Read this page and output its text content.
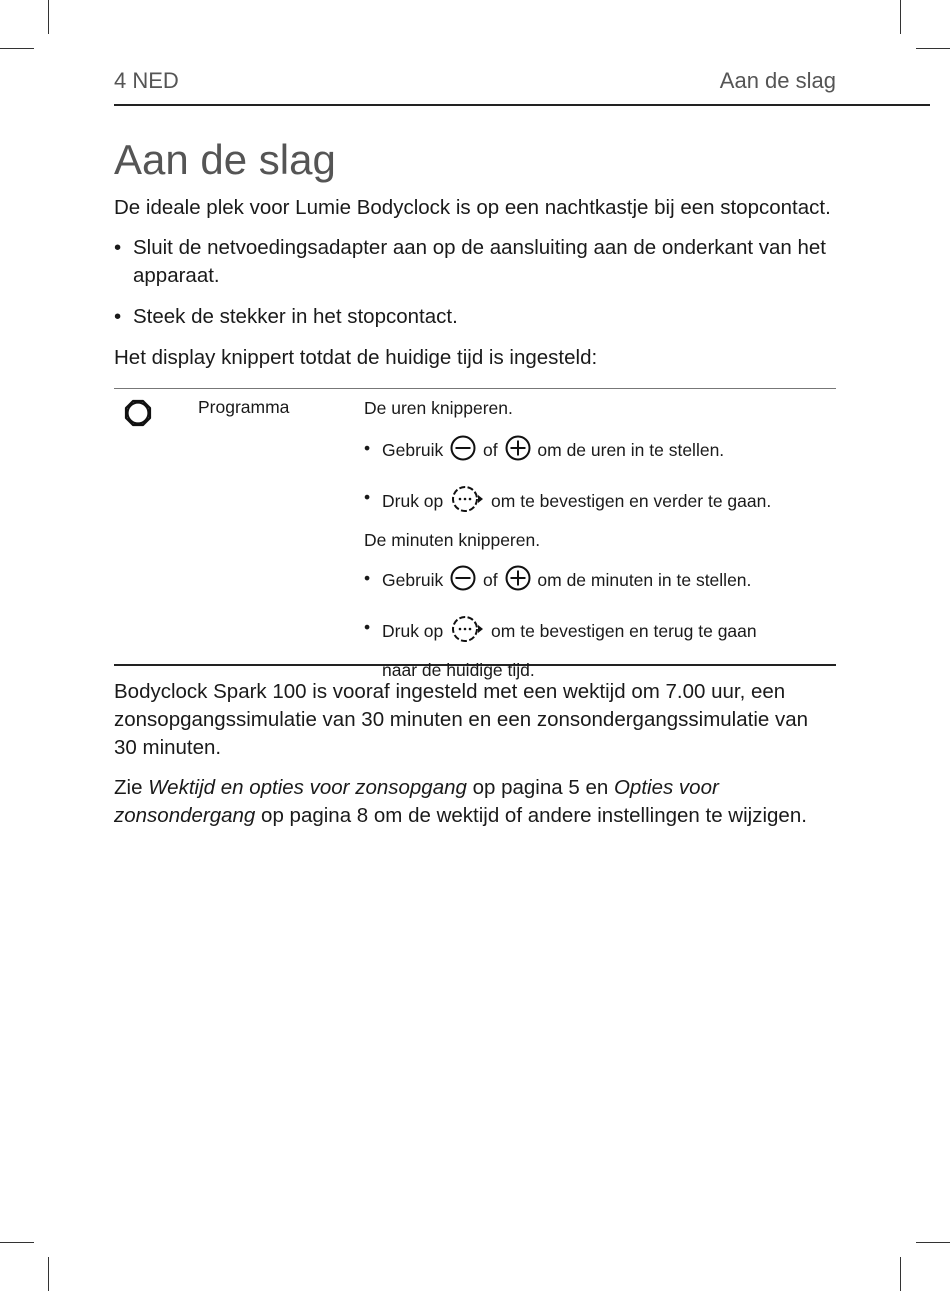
4 NED	Aan de slag
Aan de slag

De ideale plek voor Lumie Bodyclock is op een nachtkastje bij een stopcontact.

• Sluit de netvoedingsadapter aan op de aansluiting aan de onderkant van het apparaat.
• Steek de stekker in het stopcontact.

Het display knippert totdat de huidige tijd is ingesteld:

Programma	De uren knipperen.
• Gebruik of om de uren in te stellen.
• Druk op	om te bevestigen en verder te gaan.
De minuten knipperen.
• Gebruik of om de minuten in te stellen.
• Druk op	om te bevestigen en terug te gaan
naar de huidige tijd.

Bodyclock Spark 100 is vooraf ingesteld met een wektijd om 7.00 uur, een zonsopgangssimulatie van 30 minuten en een zonsondergangssimulatie van 30 minuten.

Zie Wektijd en opties voor zonsopgang op pagina 5 en Opties voor zonsondergang op pagina 8 om de wektijd of andere instellingen te wijzigen.
